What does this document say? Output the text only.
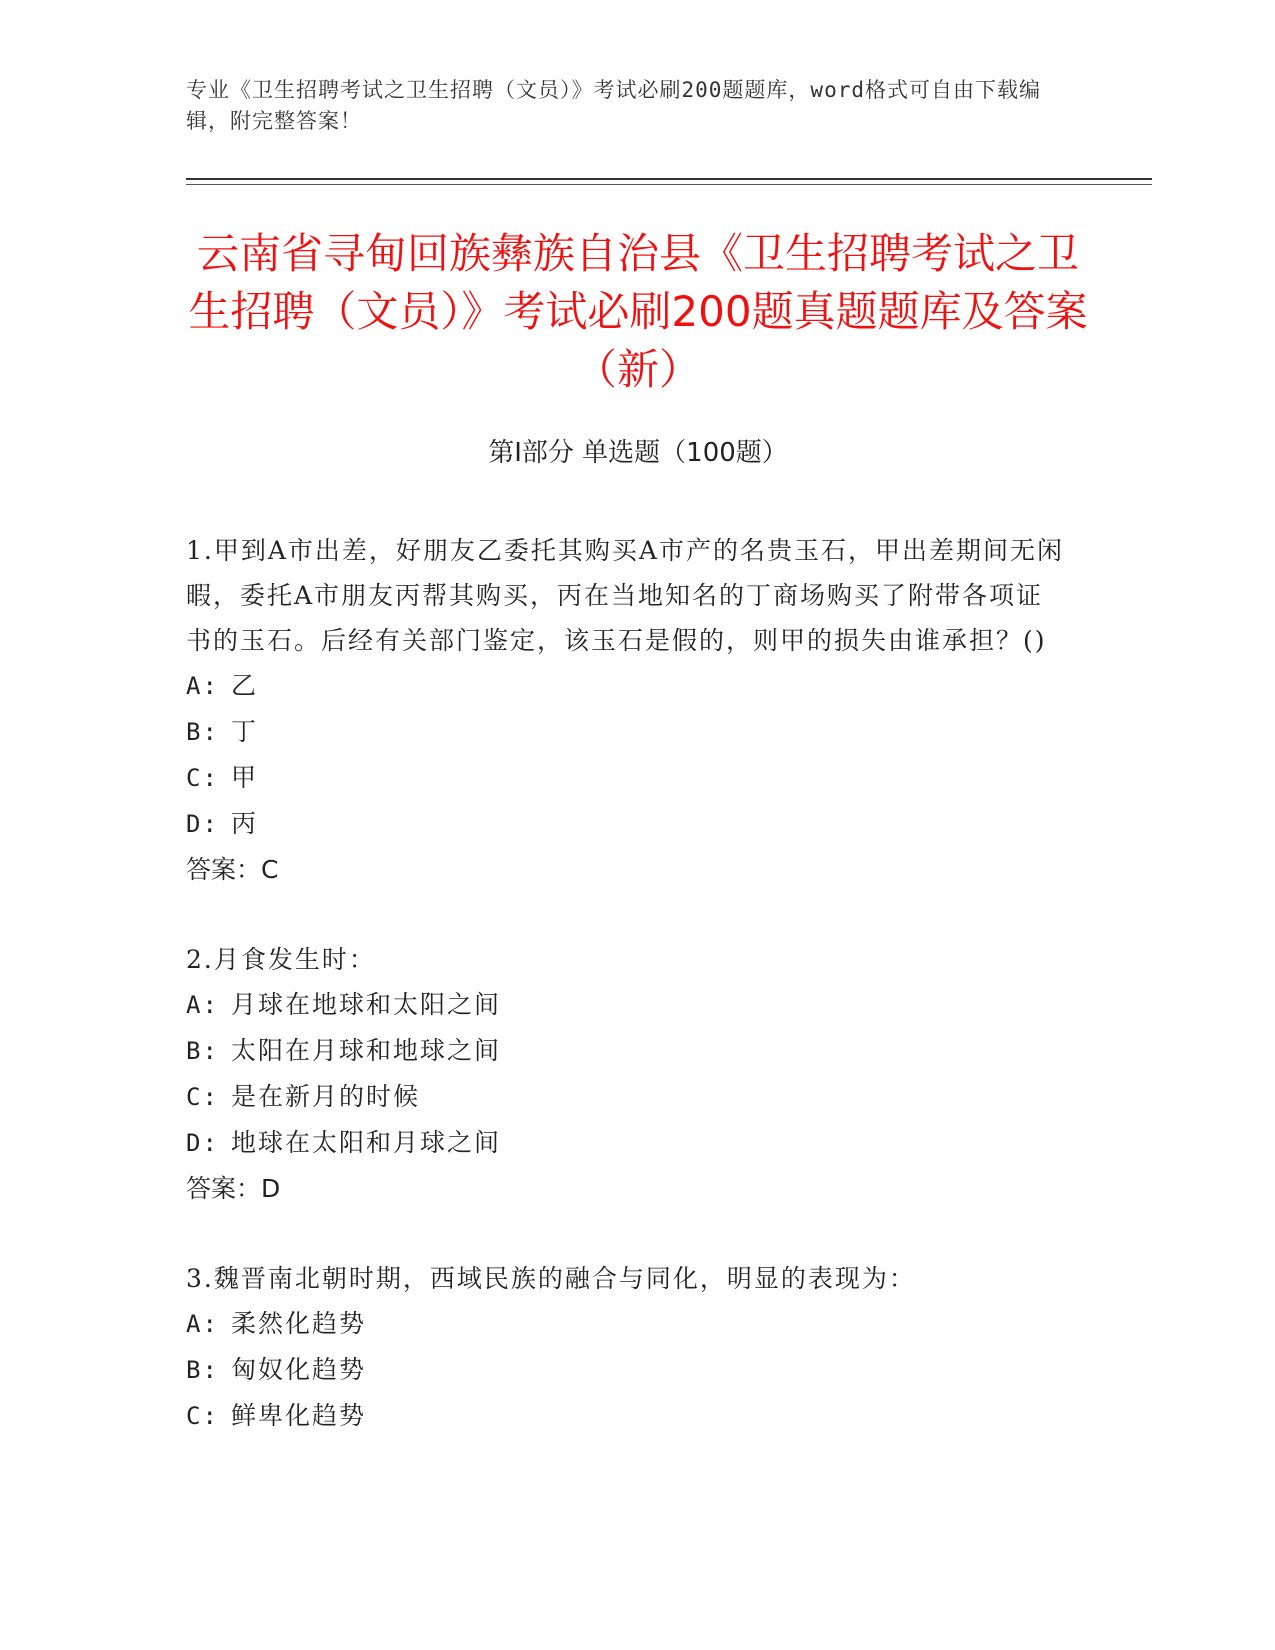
专业《卫生招聘考试之卫生招聘（文员）》考试必刷200题题库，word格式可自由下载编辑，附完整答案！
云南省寻甸回族彝族自治县《卫生招聘考试之卫生招聘（文员）》考试必刷200题真题题库及答案（新）
第Ⅰ部分 单选题（100题）

1.甲到A市出差，好朋友乙委托其购买A市产的名贵玉石，甲出差期间无闲暇，委托A市朋友丙帮其购买，丙在当地知名的丁商场购买了附带各项证书的玉石。后经有关部门鉴定，该玉石是假的，则甲的损失由谁承担？()

A: 乙

B: 丁

C: 甲

D: 丙

答案：C

2.月食发生时：

A: 月球在地球和太阳之间

B: 太阳在月球和地球之间

C: 是在新月的时候

D: 地球在太阳和月球之间

答案：D

3.魏晋南北朝时期，西域民族的融合与同化，明显的表现为：

A: 柔然化趋势

B: 匈奴化趋势

C: 鲜卑化趋势
